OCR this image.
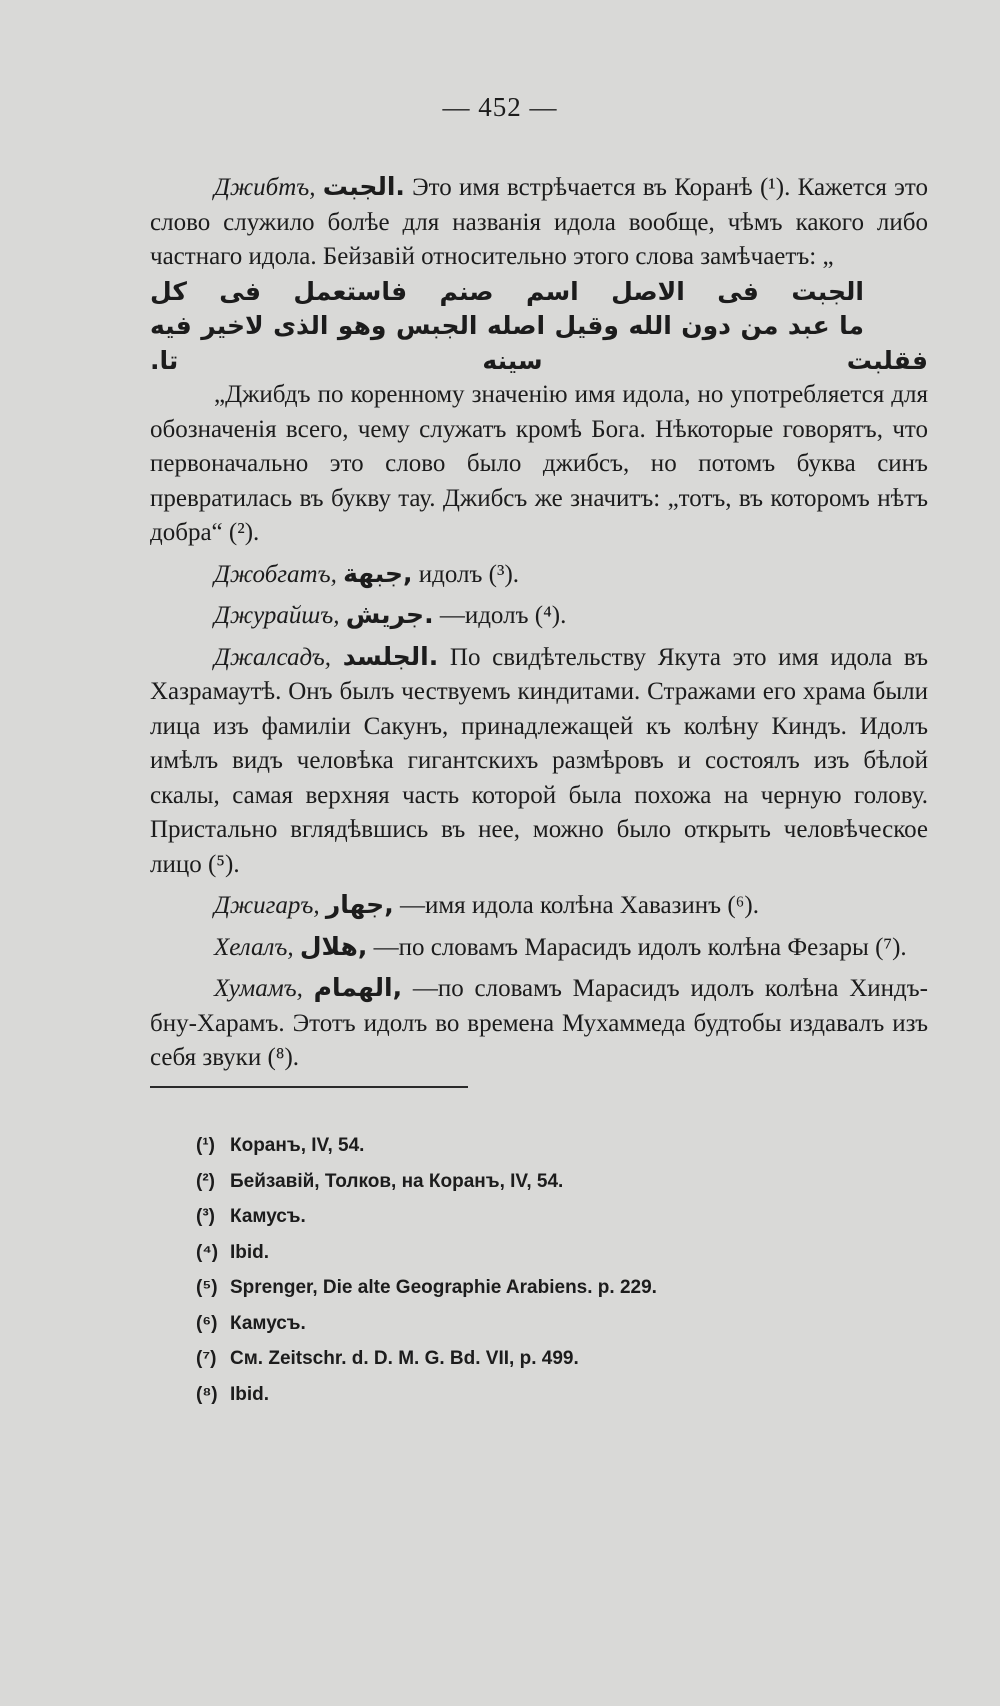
— 452 —

Джибтъ, الجبت. Это имя встрѣчается въ Коранѣ (¹). Кажется это слово служило болѣе для названія идола вообще, чѣмъ какого либо частнаго идола. Бейзавій относительно этого слова замѣчаетъ: „
الجبت فى الاصل اسم صنم فاستعمل فى كل
ما عبد من دون الله وقيل اصله الجبس وهو الذى لاخير فيه فقلبت سينه تا.

„Джибдъ по коренному значенію имя идола, но употребляется для обозначенія всего, чему служатъ кромѣ Бога. Нѣкоторые говорятъ, что первоначально это слово было джибсъ, но потомъ буква синъ превратилась въ букву тау. Джибсъ же значитъ: „тотъ, въ которомъ нѣтъ добра“ (²).

Джобгатъ, جبهة, идолъ (³).

Джурайшъ, جريش. —идолъ (⁴).

Джалсадъ, الجلسد. По свидѣтельству Якута это имя идола въ Хазрамаутѣ. Онъ былъ чествуемъ киндитами. Стражами его храма были лица изъ фамиліи Сакунъ, принадлежащей къ колѣну Киндъ. Идолъ имѣлъ видъ человѣка гигантскихъ размѣровъ и состоялъ изъ бѣлой скалы, самая верхняя часть которой была похожа на черную голову. Пристально вглядѣвшись въ нее, можно было открыть человѣческое лицо (⁵).

Джигаръ, جهار, —имя идола колѣна Хавазинъ (⁶).

Хелалъ, هلال, —по словамъ Марасидъ идолъ колѣна Фезары (⁷).

Хумамъ, الهمام, —по словамъ Марасидъ идолъ колѣна Хиндъ-бну-Харамъ. Этотъ идолъ во времена Мухаммеда будтобы издавалъ изъ себя звуки (⁸).

(¹) Коранъ, IV, 54.
(²) Бейзавій, Толков, на Коранъ, IV, 54.
(³) Камусъ.
(⁴) Ibid.
(⁵) Sprenger, Die alte Geographie Arabiens. p. 229.
(⁶) Камусъ.
(⁷) См. Zeitschr. d. D. M. G. Bd. VII, p. 499.
(⁸) Ibid.
